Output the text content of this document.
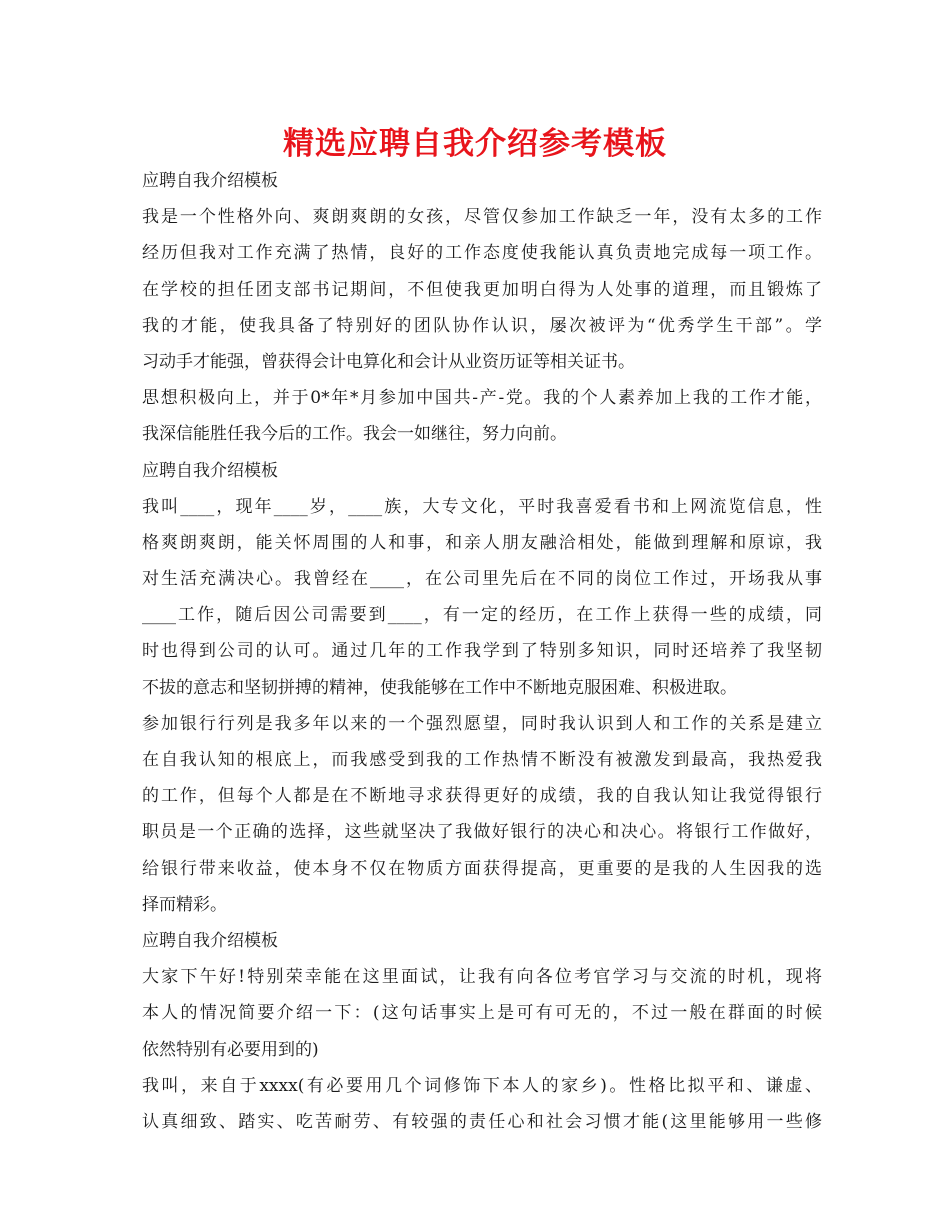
精选应聘自我介绍参考模板
应聘自我介绍模板
我是一个性格外向、爽朗爽朗的女孩，尽管仅参加工作缺乏一年，没有太多的工作
经历但我对工作充满了热情，良好的工作态度使我能认真负责地完成每一项工作。
在学校的担任团支部书记期间，不但使我更加明白得为人处事的道理，而且锻炼了
我的才能，使我具备了特别好的团队协作认识，屡次被评为“优秀学生干部”。学
习动手才能强，曾获得会计电算化和会计从业资历证等相关证书。
思想积极向上，并于0*年*月参加中国共-产-党。我的个人素养加上我的工作才能，
我深信能胜任我今后的工作。我会一如继往，努力向前。
应聘自我介绍模板
我叫____，现年____岁，____族，大专文化，平时我喜爱看书和上网流览信息，性
格爽朗爽朗，能关怀周围的人和事，和亲人朋友融洽相处，能做到理解和原谅，我
对生活充满决心。我曾经在____，在公司里先后在不同的岗位工作过，开场我从事
____工作，随后因公司需要到____，有一定的经历，在工作上获得一些的成绩，同
时也得到公司的认可。通过几年的工作我学到了特别多知识，同时还培养了我坚韧
不拔的意志和坚韧拼搏的精神，使我能够在工作中不断地克服困难、积极进取。
参加银行行列是我多年以来的一个强烈愿望，同时我认识到人和工作的关系是建立
在自我认知的根底上，而我感受到我的工作热情不断没有被激发到最高，我热爱我
的工作，但每个人都是在不断地寻求获得更好的成绩，我的自我认知让我觉得银行
职员是一个正确的选择，这些就坚决了我做好银行的决心和决心。将银行工作做好，
给银行带来收益，使本身不仅在物质方面获得提高，更重要的是我的人生因我的选
择而精彩。
应聘自我介绍模板
大家下午好!特别荣幸能在这里面试，让我有向各位考官学习与交流的时机，现将
本人的情况简要介绍一下：(这句话事实上是可有可无的，不过一般在群面的时候
依然特别有必要用到的)
我叫，来自于xxxx(有必要用几个词修饰下本人的家乡)。性格比拟平和、谦虚、
认真细致、踏实、吃苦耐劳、有较强的责任心和社会习惯才能(这里能够用一些修
